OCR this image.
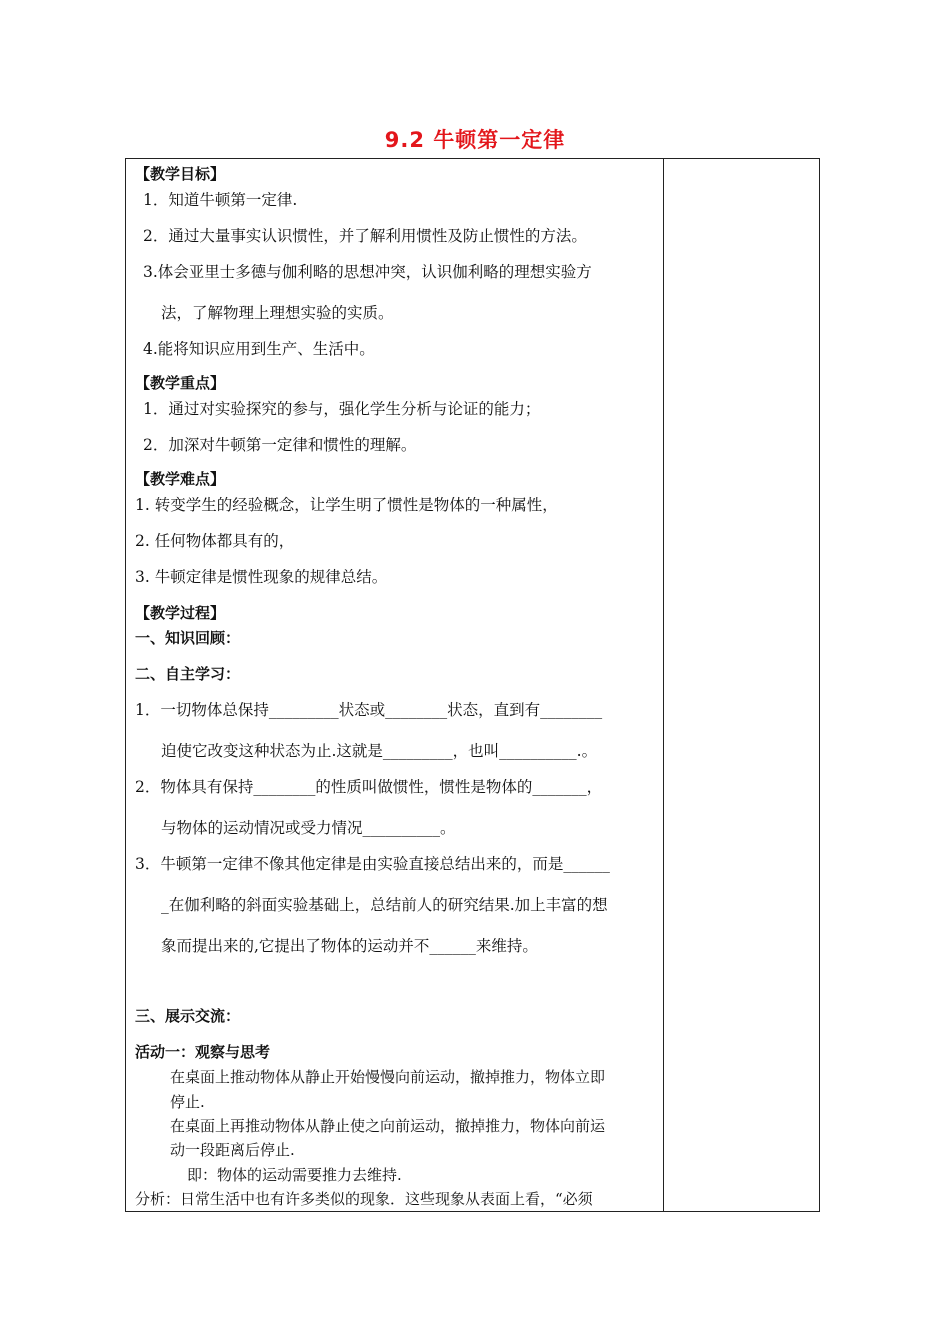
9.2 牛顿第一定律
【教学目标】
1．知道牛顿第一定律.
2．通过大量事实认识惯性，并了解利用惯性及防止惯性的方法。
3.体会亚里士多德与伽利略的思想冲突，认识伽利略的理想实验方
法，了解物理上理想实验的实质。
4.能将知识应用到生产、生活中。
【教学重点】
1．通过对实验探究的参与，强化学生分析与论证的能力；
2．加深对牛顿第一定律和惯性的理解。
【教学难点】
1. 转变学生的经验概念，让学生明了惯性是物体的一种属性，
2. 任何物体都具有的，
3. 牛顿定律是惯性现象的规律总结。
【教学过程】
一、知识回顾：
二、自主学习：
1．一切物体总保持_________状态或________状态，直到有________
迫使它改变这种状态为止.这就是_________，也叫__________.。
2．物体具有保持________的性质叫做惯性，惯性是物体的_______，
与物体的运动情况或受力情况__________。
3．牛顿第一定律不像其他定律是由实验直接总结出来的，而是______
_在伽利略的斜面实验基础上，总结前人的研究结果.加上丰富的想
象而提出来的,它提出了物体的运动并不______来维持。
三、展示交流：
活动一：观察与思考
在桌面上推动物体从静止开始慢慢向前运动，撤掉推力，物体立即
停止.
在桌面上再推动物体从静止使之向前运动，撤掉推力，物体向前运
动一段距离后停止.
即：物体的运动需要推力去维持.
分析：日常生活中也有许多类似的现象．这些现象从表面上看，“必须
